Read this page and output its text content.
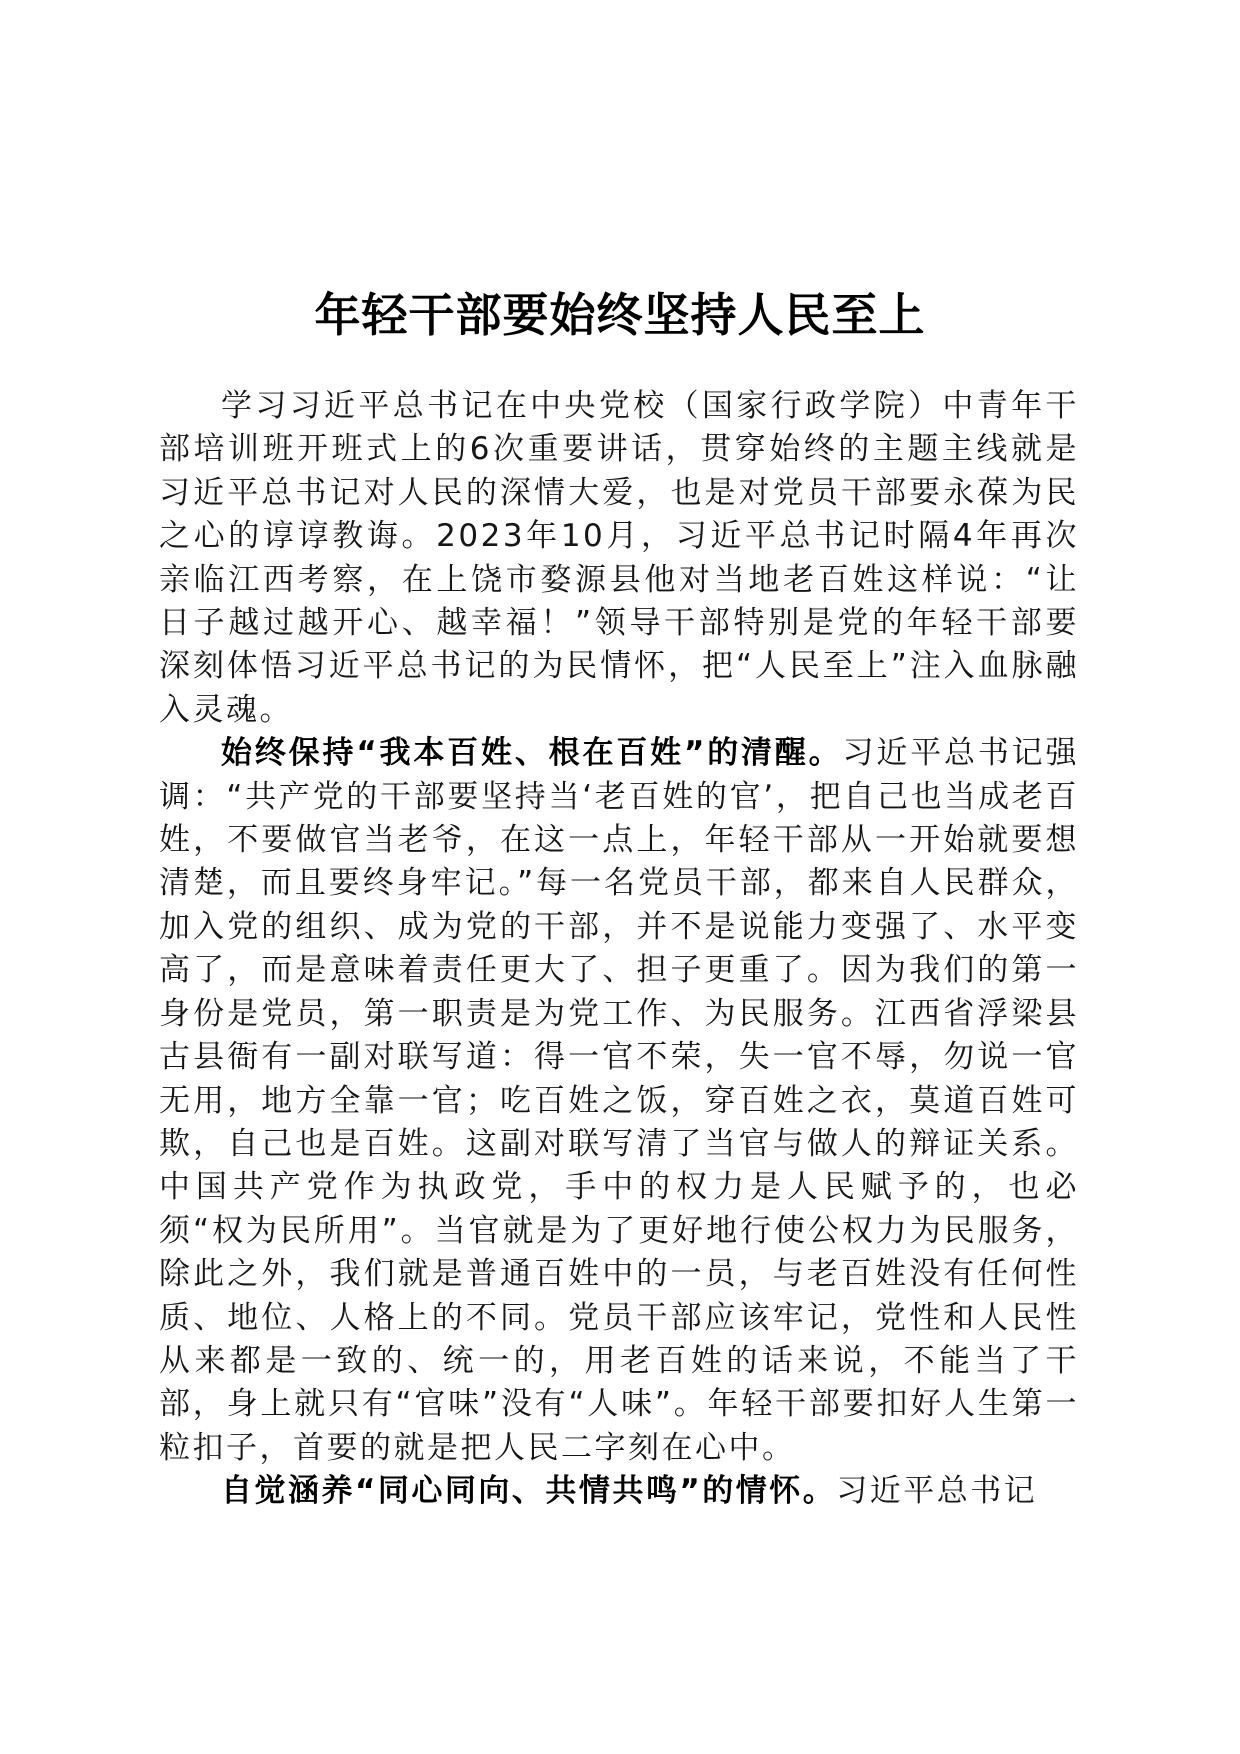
年轻干部要始终坚持人民至上

学习习近平总书记在中央党校（国家行政学院）中青年干部培训班开班式上的6次重要讲话，贯穿始终的主题主线就是习近平总书记对人民的深情大爱，也是对党员干部要永葆为民之心的谆谆教诲。2023年10月，习近平总书记时隔4年再次亲临江西考察，在上饶市婺源县他对当地老百姓这样说：“让日子越过越开心、越幸福！”领导干部特别是党的年轻干部要深刻体悟习近平总书记的为民情怀，把“人民至上”注入血脉融入灵魂。

始终保持“我本百姓、根在百姓”的清醒。习近平总书记强调：“共产党的干部要坚持当‘老百姓的官’，把自己也当成老百姓，不要做官当老爷，在这一点上，年轻干部从一开始就要想清楚，而且要终身牢记。”每一名党员干部，都来自人民群众，加入党的组织、成为党的干部，并不是说能力变强了、水平变高了，而是意味着责任更大了、担子更重了。因为我们的第一身份是党员，第一职责是为党工作、为民服务。江西省浮梁县古县衙有一副对联写道：得一官不荣，失一官不辱，勿说一官无用，地方全靠一官；吃百姓之饭，穿百姓之衣，莫道百姓可欺，自己也是百姓。这副对联写清了当官与做人的辩证关系。中国共产党作为执政党，手中的权力是人民赋予的，也必须“权为民所用”。当官就是为了更好地行使公权力为民服务，除此之外，我们就是普通百姓中的一员，与老百姓没有任何性质、地位、人格上的不同。党员干部应该牢记，党性和人民性从来都是一致的、统一的，用老百姓的话来说，不能当了干部，身上就只有“官味”没有“人味”。年轻干部要扣好人生第一粒扣子，首要的就是把人民二字刻在心中。

自觉涵养“同心同向、共情共鸣”的情怀。习近平总书记
